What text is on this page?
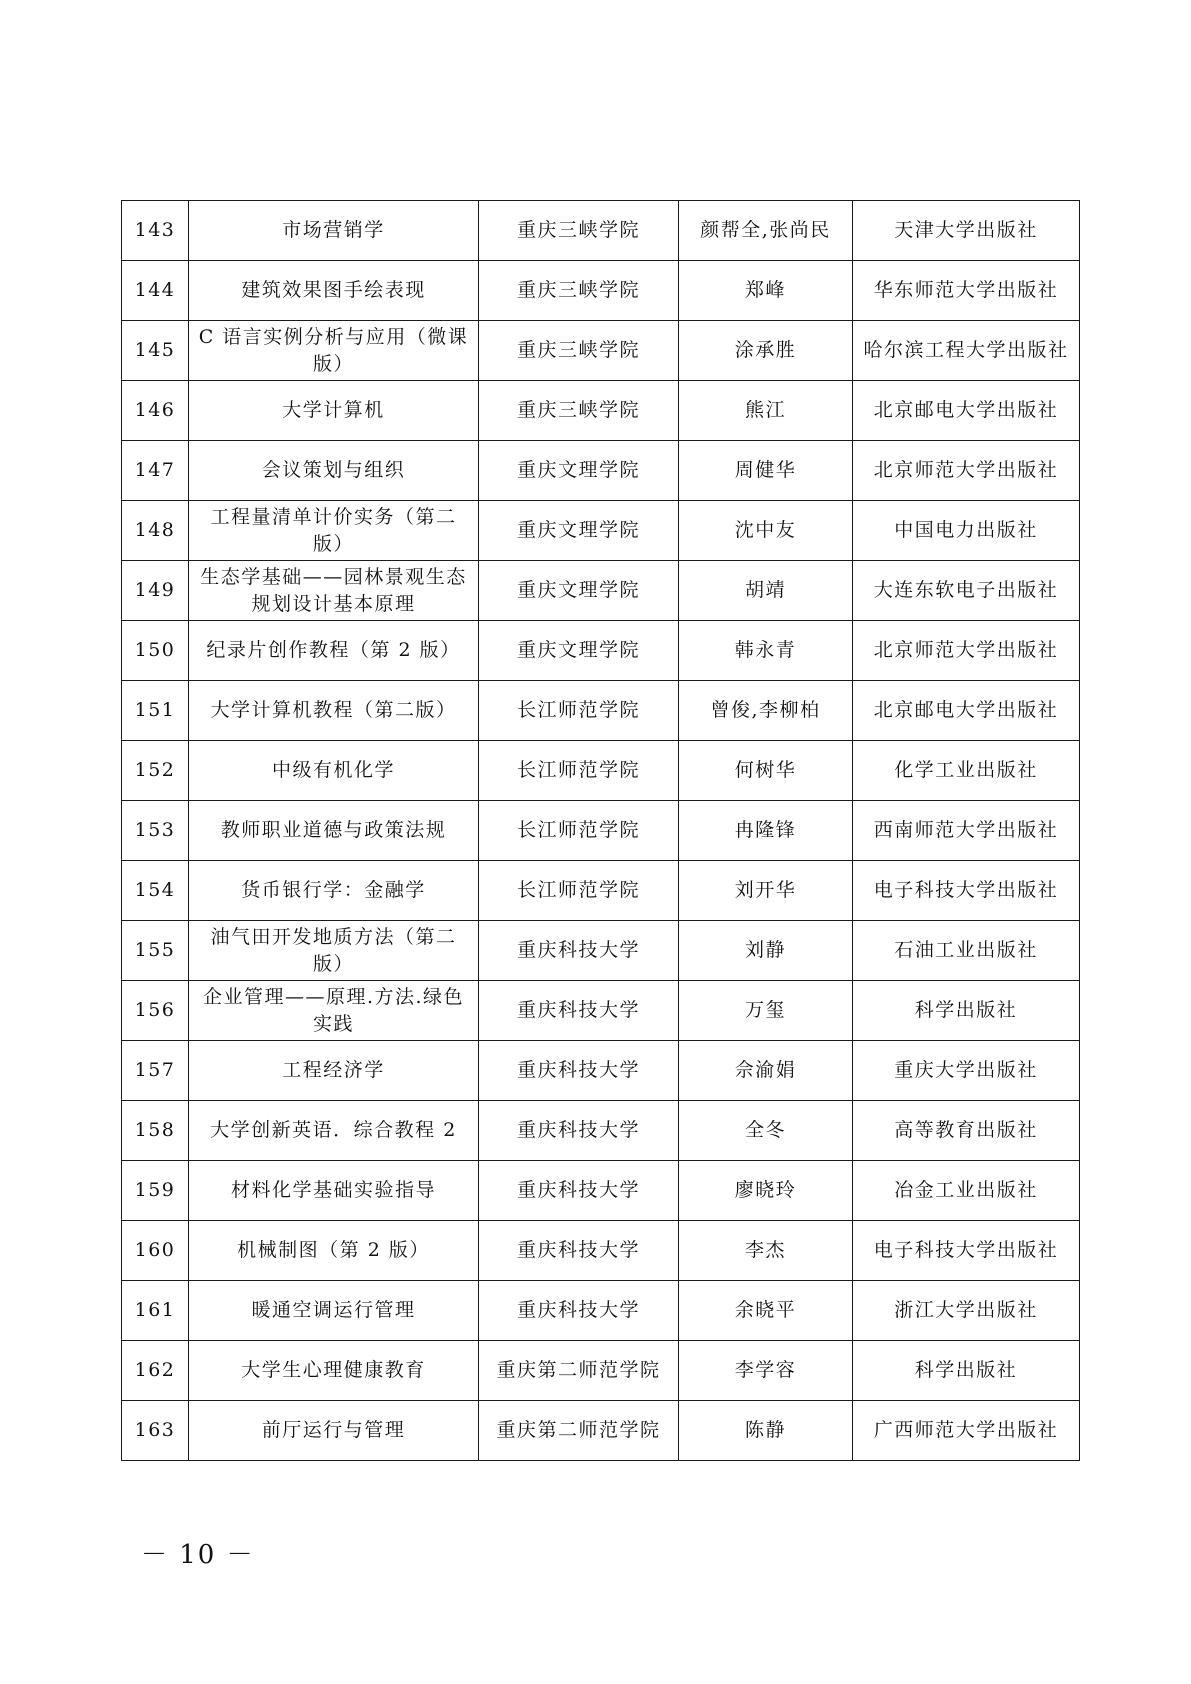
143	市场营销学	重庆三峡学院	颜帮全,张尚民	天津大学出版社
144	建筑效果图手绘表现	重庆三峡学院	郑峰	华东师范大学出版社
145	C 语言实例分析与应用（微课版）	重庆三峡学院	涂承胜	哈尔滨工程大学出版社
146	大学计算机	重庆三峡学院	熊江	北京邮电大学出版社
147	会议策划与组织	重庆文理学院	周健华	北京师范大学出版社
148	工程量清单计价实务（第二版）	重庆文理学院	沈中友	中国电力出版社
149	生态学基础——园林景观生态规划设计基本原理	重庆文理学院	胡靖	大连东软电子出版社
150	纪录片创作教程（第 2 版）	重庆文理学院	韩永青	北京师范大学出版社
151	大学计算机教程（第二版）	长江师范学院	曾俊,李柳柏	北京邮电大学出版社
152	中级有机化学	长江师范学院	何树华	化学工业出版社
153	教师职业道德与政策法规	长江师范学院	冉隆锋	西南师范大学出版社
154	货币银行学：金融学	长江师范学院	刘开华	电子科技大学出版社
155	油气田开发地质方法（第二版）	重庆科技大学	刘静	石油工业出版社
156	企业管理——原理.方法.绿色实践	重庆科技大学	万玺	科学出版社
157	工程经济学	重庆科技大学	佘渝娟	重庆大学出版社
158	大学创新英语．综合教程 2	重庆科技大学	全冬	高等教育出版社
159	材料化学基础实验指导	重庆科技大学	廖晓玲	冶金工业出版社
160	机械制图（第 2 版）	重庆科技大学	李杰	电子科技大学出版社
161	暖通空调运行管理	重庆科技大学	余晓平	浙江大学出版社
162	大学生心理健康教育	重庆第二师范学院	李学容	科学出版社
163	前厅运行与管理	重庆第二师范学院	陈静	广西师范大学出版社
－ 10 －
